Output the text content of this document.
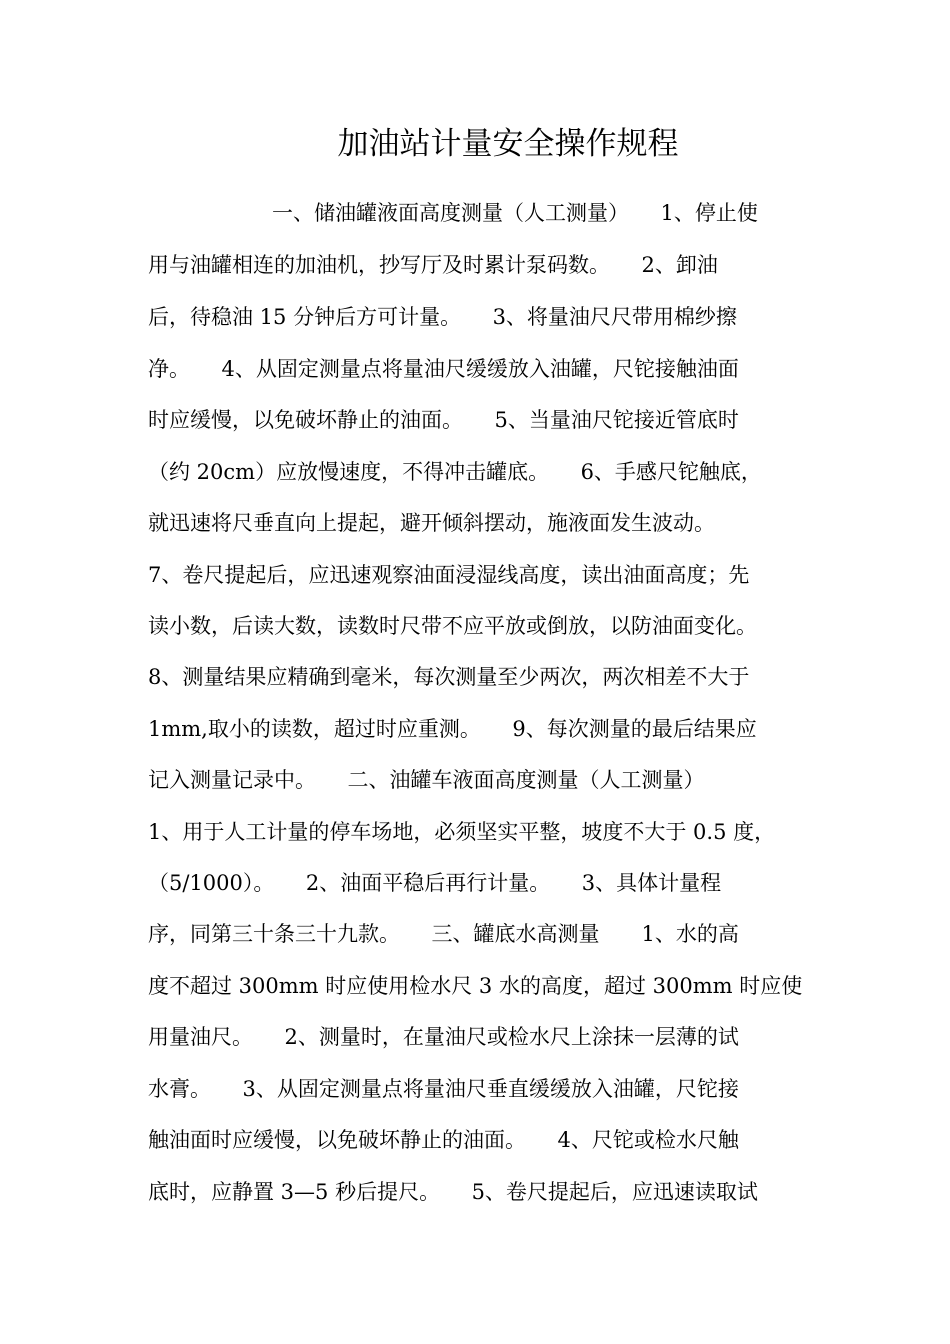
加油站计量安全操作规程

一、储油罐液面高度测量（人工测量）　　1、停止使

用与油罐相连的加油机，抄写厅及时累计泵码数。　　2、卸油

后，待稳油 15 分钟后方可计量。　　3、将量油尺尺带用棉纱擦

净。　　4、从固定测量点将量油尺缓缓放入油罐，尺铊接触油面

时应缓慢，以免破坏静止的油面。　　5、当量油尺铊接近管底时

（约 20cm）应放慢速度，不得冲击罐底。　　6、手感尺铊触底，

就迅速将尺垂直向上提起，避开倾斜摆动，施液面发生波动。

7、卷尺提起后，应迅速观察油面浸湿线高度，读出油面高度；先

读小数，后读大数，读数时尺带不应平放或倒放，以防油面变化。

8、测量结果应精确到毫米，每次测量至少两次，两次相差不大于

1mm,取小的读数，超过时应重测。　　9、每次测量的最后结果应

记入测量记录中。　　二、油罐车液面高度测量（人工测量）

1、用于人工计量的停车场地，必须坚实平整，坡度不大于 0.5 度，

（5/1000）。　　2、油面平稳后再行计量。　　3、具体计量程

序，同第三十条三十九款。　　三、罐底水高测量　　1、水的高

度不超过 300mm 时应使用检水尺 3 水的高度，超过 300mm 时应使

用量油尺。　　2、测量时，在量油尺或检水尺上涂抹一层薄的试

水膏。　　3、从固定测量点将量油尺垂直缓缓放入油罐，尺铊接

触油面时应缓慢，以免破坏静止的油面。　　4、尺铊或检水尺触

底时，应静置 3—5 秒后提尺。　　5、卷尺提起后，应迅速读取试
